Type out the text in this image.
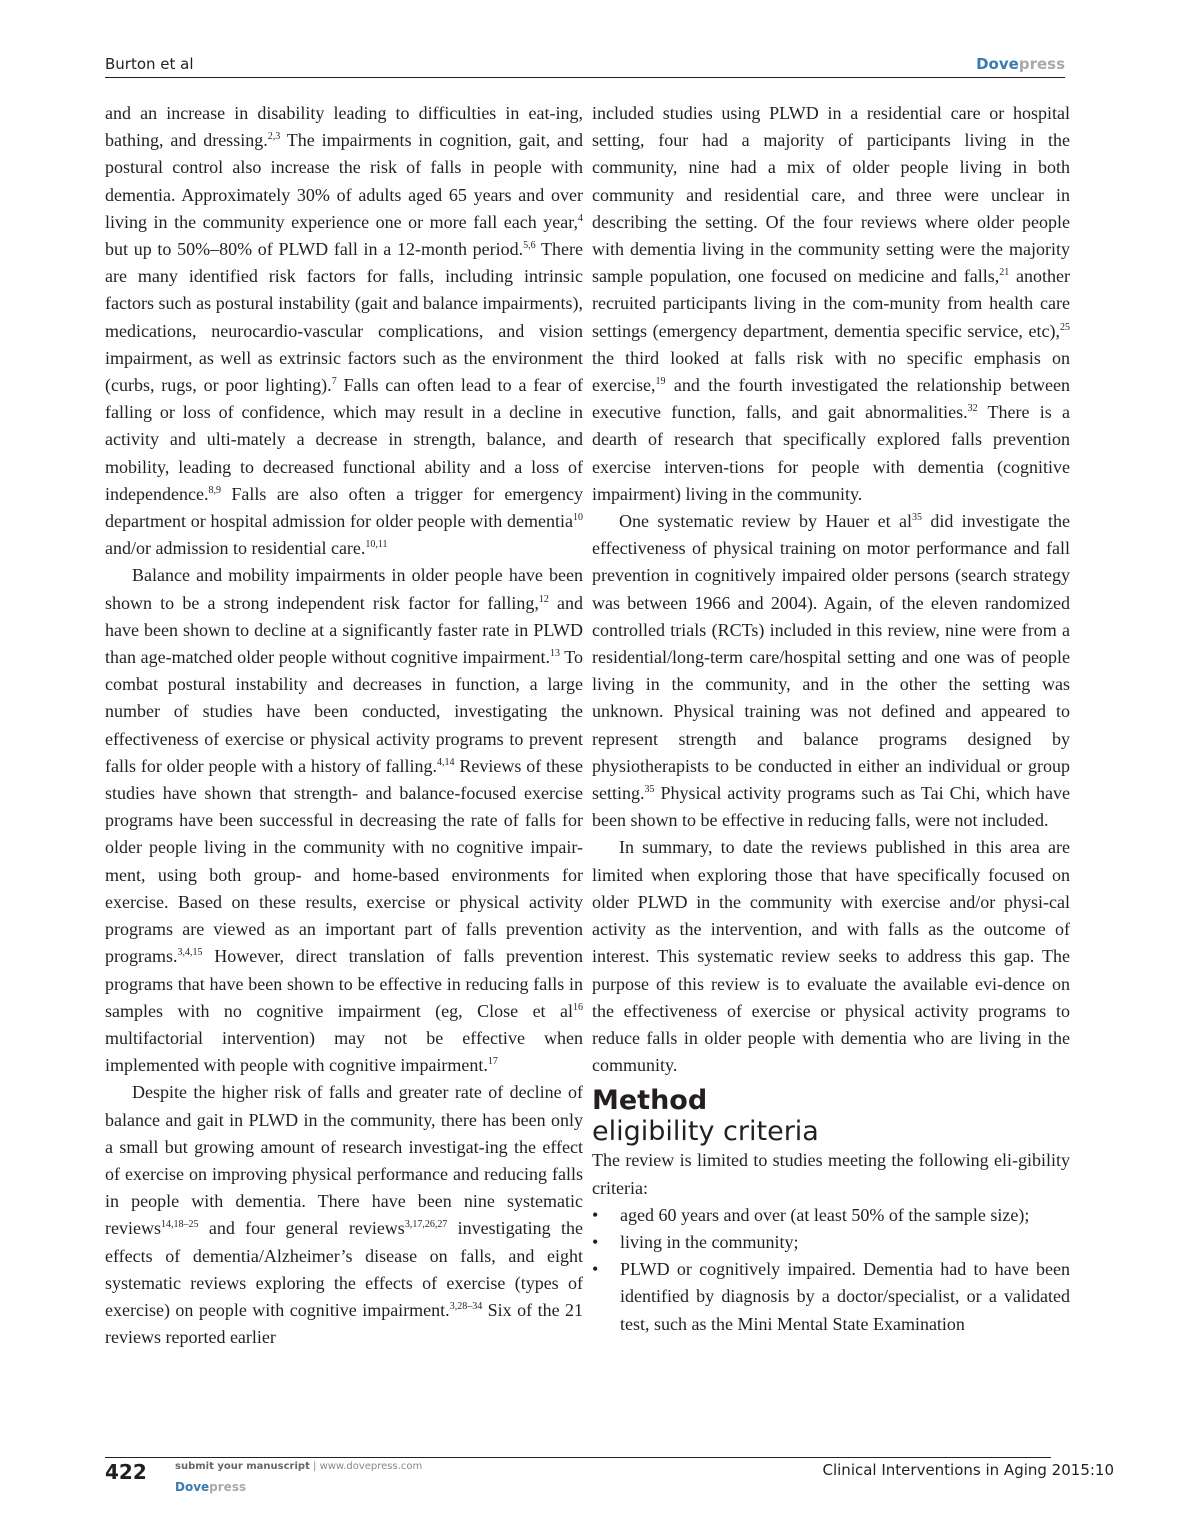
Burton et al	Dovepress

and an increase in disability leading to difficulties in eat-ing, bathing, and dressing.$^{2,3}$ The impairments in cognition, gait, and postural control also increase the risk of falls in people with dementia. Approximately 30% of adults aged 65 years and over living in the community experience one or more fall each year,$^4$ but up to 50%–80% of PLWD fall in a 12-month period.$^{5,6}$ There are many identified risk factors for falls, including intrinsic factors such as postural instability (gait and balance impairments), medications, neurocardio-vascular complications, and vision impairment, as well as extrinsic factors such as the environment (curbs, rugs, or poor lighting).$^7$ Falls can often lead to a fear of falling or loss of confidence, which may result in a decline in activity and ulti-mately a decrease in strength, balance, and mobility, leading to decreased functional ability and a loss of independence.$^{8,9}$ Falls are also often a trigger for emergency department or hospital admission for older people with dementia$^{10}$ and/or admission to residential care.$^{10,11}$

Balance and mobility impairments in older people have been shown to be a strong independent risk factor for falling,$^{12}$ and have been shown to decline at a significantly faster rate in PLWD than age-matched older people without cognitive impairment.$^{13}$ To combat postural instability and decreases in function, a large number of studies have been conducted, investigating the effectiveness of exercise or physical activity programs to prevent falls for older people with a history of falling.$^{4,14}$ Reviews of these studies have shown that strength- and balance-focused exercise programs have been successful in decreasing the rate of falls for older people living in the community with no cognitive impair-ment, using both group- and home-based environments for exercise. Based on these results, exercise or physical activity programs are viewed as an important part of falls prevention programs.$^{3,4,15}$ However, direct translation of falls prevention programs that have been shown to be effective in reducing falls in samples with no cognitive impairment (eg, Close et $al^{16}$ multifactorial intervention) may not be effective when implemented with people with cognitive impairment.$^{17}$

Despite the higher risk of falls and greater rate of decline of balance and gait in PLWD in the community, there has been only a small but growing amount of research investigat-ing the effect of exercise on improving physical performance and reducing falls in people with dementia. There have been nine systematic reviews$^{14,18-25}$ and four general reviews$^{3,17,26,27}$ investigating the effects of dementia/Alzheimer’s disease on falls, and eight systematic reviews exploring the effects of exercise (types of exercise) on people with cognitive impairment.$^{3,28-34}$ Six of the 21 reviews reported earlier

included studies using PLWD in a residential care or hospital setting, four had a majority of participants living in the community, nine had a mix of older people living in both community and residential care, and three were unclear in describing the setting. Of the four reviews where older people with dementia living in the community setting were the majority sample population, one focused on medicine and falls,$^{21}$ another recruited participants living in the com-munity from health care settings (emergency department, dementia specific service, etc),$^{25}$ the third looked at falls risk with no specific emphasis on exercise,$^{19}$ and the fourth investigated the relationship between executive function, falls, and gait abnormalities.$^{32}$ There is a dearth of research that specifically explored falls prevention exercise interven-tions for people with dementia (cognitive impairment) living in the community.

One systematic review by Hauer et $al^{35}$ did investigate the effectiveness of physical training on motor performance and fall prevention in cognitively impaired older persons (search strategy was between 1966 and 2004). Again, of the eleven randomized controlled trials (RCTs) included in this review, nine were from a residential/long-term care/hospital setting and one was of people living in the community, and in the other the setting was unknown. Physical training was not defined and appeared to represent strength and balance programs designed by physiotherapists to be conducted in either an individual or group setting.$^{35}$ Physical activity programs such as Tai Chi, which have been shown to be effective in reducing falls, were not included.

In summary, to date the reviews published in this area are limited when exploring those that have specifically focused on older PLWD in the community with exercise and/or physi-cal activity as the intervention, and with falls as the outcome of interest. This systematic review seeks to address this gap. The purpose of this review is to evaluate the available evi-dence on the effectiveness of exercise or physical activity programs to reduce falls in older people with dementia who are living in the community.

Method
eligibility criteria

The review is limited to studies meeting the following eli-gibility criteria:

• aged 60 years and over (at least 50% of the sample size);
• living in the community;
• PLWD or cognitively impaired. Dementia had to have been identified by diagnosis by a doctor/specialist, or a validated test, such as the Mini Mental State Examination
422	submit your manuscript | www.dovepress.com
Dovepress
Clinical Interventions in Aging 2015:10
